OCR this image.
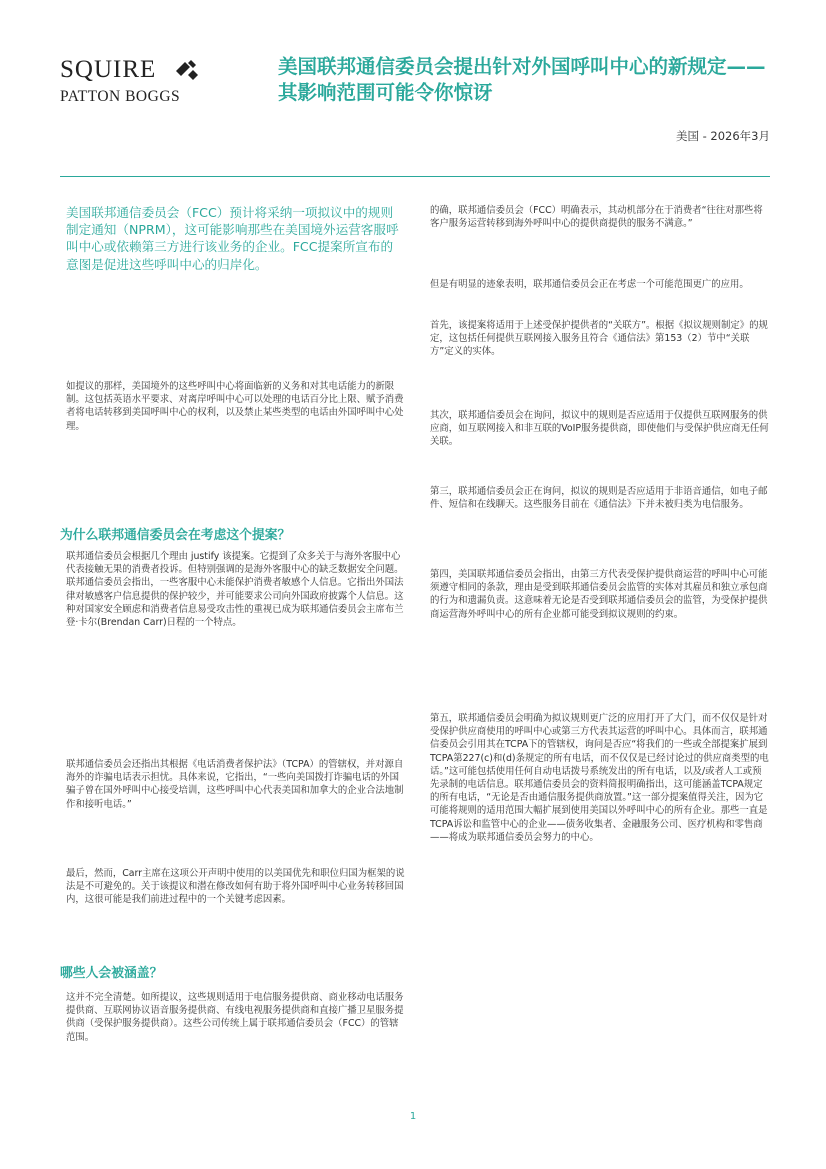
SQUIRE
PATTON BOGGS
美国联邦通信委员会提出针对外国呼叫中心的新规定——其影响范围可能令你惊讶
美国 - 2026年3月

美国联邦通信委员会（FCC）预计将采纳一项拟议中的规则制定通知（NPRM），这可能影响那些在美国境外运营客服呼叫中心或依赖第三方进行该业务的企业。FCC提案所宣布的意图是促进这些呼叫中心的归岸化。

如提议的那样，美国境外的这些呼叫中心将面临新的义务和对其电话能力的新限制。这包括英语水平要求、对离岸呼叫中心可以处理的电话百分比上限、赋予消费者将电话转移到美国呼叫中心的权利，以及禁止某些类型的电话由外国呼叫中心处理。

为什么联邦通信委员会在考虑这个提案？

联邦通信委员会根据几个理由 justify 该提案。它提到了众多关于与海外客服中心代表接触无果的消费者投诉。但特别强调的是海外客服中心的缺乏数据安全问题。联邦通信委员会指出，一些客服中心未能保护消费者敏感个人信息。它指出外国法律对敏感客户信息提供的保护较少，并可能要求公司向外国政府披露个人信息。这种对国家安全顾虑和消费者信息易受攻击性的重视已成为联邦通信委员会主席布兰登·卡尔(Brendan Carr)日程的一个特点。

联邦通信委员会还指出其根据《电话消费者保护法》（TCPA）的管辖权，并对源自海外的诈骗电话表示担忧。具体来说，它指出，“一些向美国拨打诈骗电话的外国骗子曾在国外呼叫中心接受培训，这些呼叫中心代表美国和加拿大的企业合法地制作和接听电话。”

最后，然而，Carr主席在这项公开声明中使用的以美国优先和职位归国为框架的说法是不可避免的。关于该提议和潜在修改如何有助于将外国呼叫中心业务转移回国内，这很可能是我们前进过程中的一个关键考虑因素。

哪些人会被涵盖？

这并不完全清楚。如所提议，这些规则适用于电信服务提供商、商业移动电话服务提供商、互联网协议语音服务提供商、有线电视服务提供商和直接广播卫星服务提供商（受保护服务提供商）。这些公司传统上属于联邦通信委员会（FCC）的管辖范围。

的确，联邦通信委员会（FCC）明确表示，其动机部分在于消费者“往往对那些将客户服务运营转移到海外呼叫中心的提供商提供的服务不满意。”

但是有明显的迹象表明，联邦通信委员会正在考虑一个可能范围更广的应用。

首先，该提案将适用于上述受保护提供者的“关联方”。根据《拟议规则制定》的规定，这包括任何提供互联网接入服务且符合《通信法》第153（2）节中“关联方”定义的实体。

其次，联邦通信委员会在询问，拟议中的规则是否应适用于仅提供互联网服务的供应商，如互联网接入和非互联的VoIP服务提供商，即使他们与受保护供应商无任何关联。

第三，联邦通信委员会正在询问，拟议的规则是否应适用于非语音通信，如电子邮件、短信和在线聊天。这些服务目前在《通信法》下并未被归类为电信服务。

第四，美国联邦通信委员会指出，由第三方代表受保护提供商运营的呼叫中心可能须遵守相同的条款，理由是受到联邦通信委员会监管的实体对其雇员和独立承包商的行为和遗漏负责。这意味着无论是否受到联邦通信委员会的监管，为受保护提供商运营海外呼叫中心的所有企业都可能受到拟议规则的约束。

第五，联邦通信委员会明确为拟议规则更广泛的应用打开了大门，而不仅仅是针对受保护供应商使用的呼叫中心或第三方代表其运营的呼叫中心。具体而言，联邦通信委员会引用其在TCPA下的管辖权，询问是否应“将我们的一些或全部提案扩展到TCPA第227(c)和(d)条规定的所有电话，而不仅仅是已经讨论过的供应商类型的电话。”这可能包括使用任何自动电话拨号系统发出的所有电话，以及/或者人工或预先录制的电话信息。联邦通信委员会的资料简报明确指出，这可能涵盖TCPA规定的所有电话，“无论是否由通信服务提供商放置。”这一部分提案值得关注，因为它可能将规则的适用范围大幅扩展到使用美国以外呼叫中心的所有企业。那些一直是TCPA诉讼和监管中心的企业——债务收集者、金融服务公司、医疗机构和零售商——将成为联邦通信委员会努力的中心。

1
